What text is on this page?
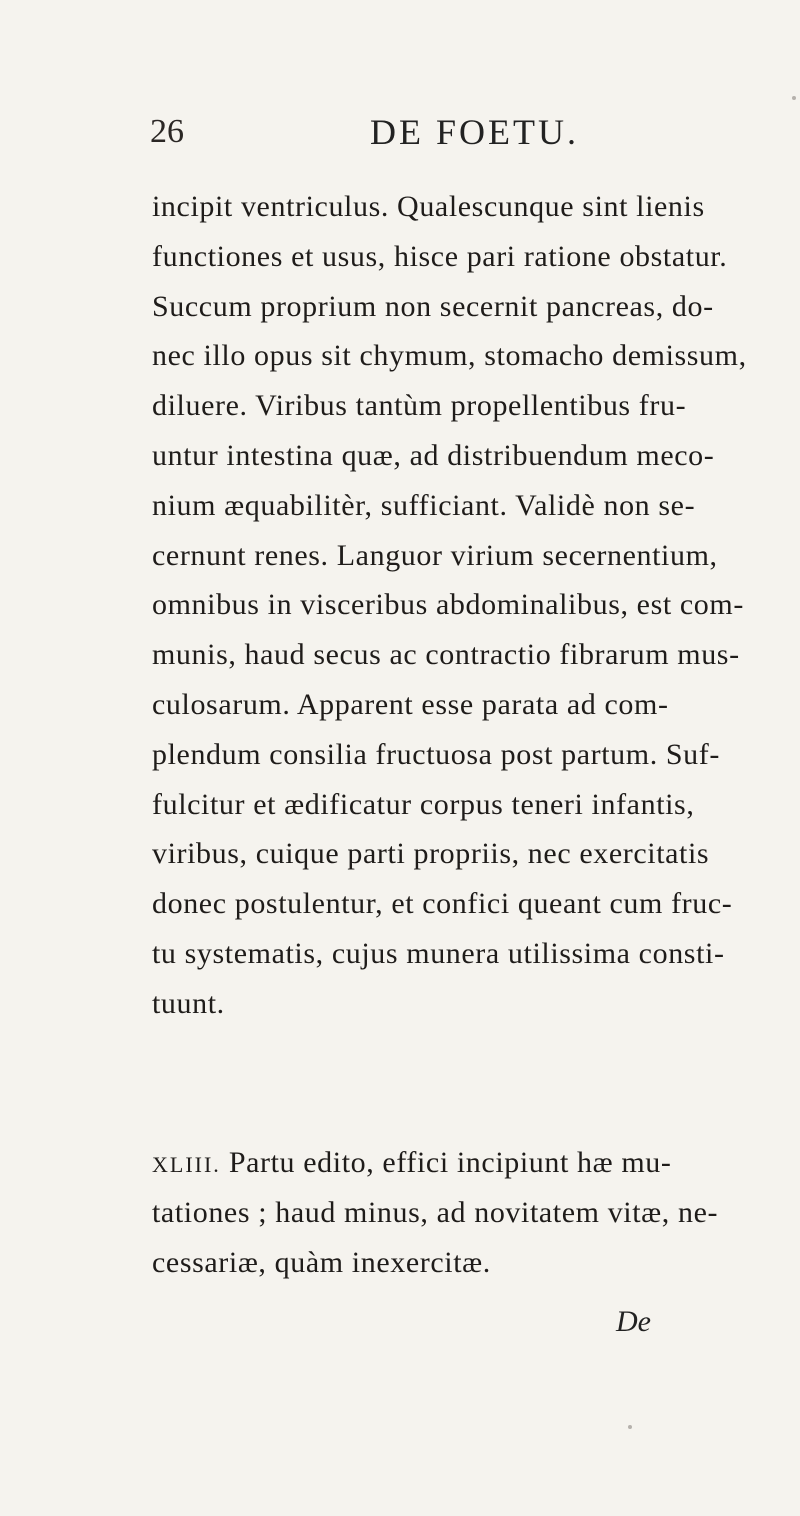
26	DE FOETU.
incipit ventriculus. Qualescunque sint lienis
functiones et usus, hisce pari ratione obstatur.
Succum proprium non secernit pancreas, do-
nec illo opus sit chymum, stomacho demissum,
diluere. Viribus tantùm propellentibus fru-
untur intestina quæ, ad distribuendum meco-
nium æquabilitèr, sufficiant. Validè non se-
cernunt renes. Languor virium secernentium,
omnibus in visceribus abdominalibus, est com-
munis, haud secus ac contractio fibrarum mus-
culosarum. Apparent esse parata ad com-
plendum consilia fructuosa post partum. Suf-
fulcitur et ædificatur corpus teneri infantis,
viribus, cuique parti propriis, nec exercitatis
donec postulentur, et confici queant cum fruc-
tu systematis, cujus munera utilissima consti-
tuunt.
XLIII. Partu edito, effici incipiunt hæ mu-
tationes ; haud minus, ad novitatem vitæ, ne-
cessariæ, quàm inexercitæ.
De
